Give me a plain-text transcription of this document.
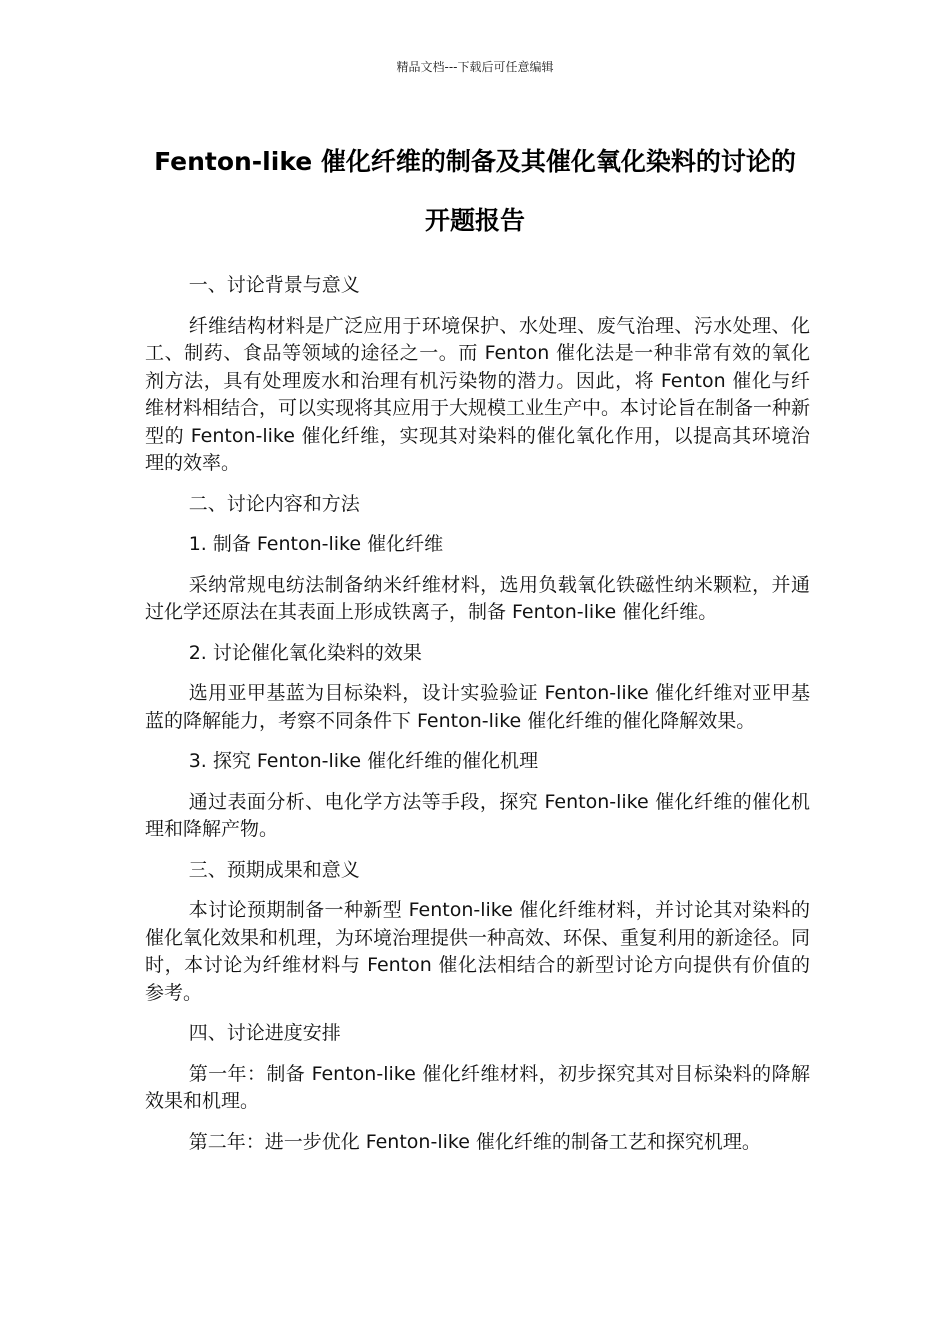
精品文档---下载后可任意编辑
Fenton-like 催化纤维的制备及其催化氧化染料的讨论的开题报告

一、讨论背景与意义

纤维结构材料是广泛应用于环境保护、水处理、废气治理、污水处理、化工、制药、食品等领域的途径之一。而 Fenton 催化法是一种非常有效的氧化剂方法，具有处理废水和治理有机污染物的潜力。因此，将 Fenton 催化与纤维材料相结合，可以实现将其应用于大规模工业生产中。本讨论旨在制备一种新型的 Fenton-like 催化纤维，实现其对染料的催化氧化作用，以提高其环境治理的效率。

二、讨论内容和方法

1. 制备 Fenton-like 催化纤维

采纳常规电纺法制备纳米纤维材料，选用负载氧化铁磁性纳米颗粒，并通过化学还原法在其表面上形成铁离子，制备 Fenton-like 催化纤维。

2. 讨论催化氧化染料的效果

选用亚甲基蓝为目标染料，设计实验验证 Fenton-like 催化纤维对亚甲基蓝的降解能力，考察不同条件下 Fenton-like 催化纤维的催化降解效果。

3. 探究 Fenton-like 催化纤维的催化机理

通过表面分析、电化学方法等手段，探究 Fenton-like 催化纤维的催化机理和降解产物。

三、预期成果和意义

本讨论预期制备一种新型 Fenton-like 催化纤维材料，并讨论其对染料的催化氧化效果和机理，为环境治理提供一种高效、环保、重复利用的新途径。同时，本讨论为纤维材料与 Fenton 催化法相结合的新型讨论方向提供有价值的参考。

四、讨论进度安排

第一年：制备 Fenton-like 催化纤维材料，初步探究其对目标染料的降解效果和机理。

第二年：进一步优化 Fenton-like 催化纤维的制备工艺和探究机理。
